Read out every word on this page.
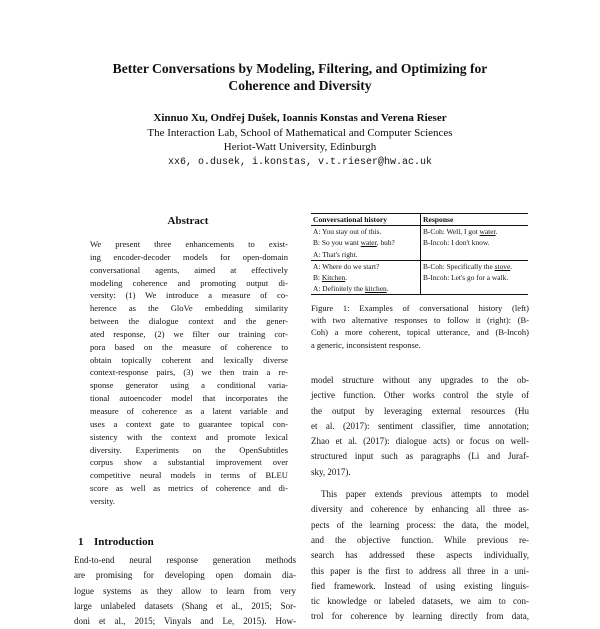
Better Conversations by Modeling, Filtering, and Optimizing for
Coherence and Diversity
Xinnuo Xu, Ondřej Dušek, Ioannis Konstas and Verena Rieser
The Interaction Lab, School of Mathematical and Computer Sciences
Heriot-Watt University, Edinburgh
xx6, o.dusek, i.konstas, v.t.rieser@hw.ac.uk
Abstract
We present three enhancements to exist-
ing encoder-decoder models for open-domain
conversational agents, aimed at effectively
modeling coherence and promoting output di-
versity: (1) We introduce a measure of co-
herence as the GloVe embedding similarity
between the dialogue context and the gener-
ated response, (2) we filter our training cor-
pora based on the measure of coherence to
obtain topically coherent and lexically diverse
context-response pairs, (3) we then train a re-
sponse generator using a conditional varia-
tional autoencoder model that incorporates the
measure of coherence as a latent variable and
uses a context gate to guarantee topical con-
sistency with the context and promote lexical
diversity. Experiments on the OpenSubtitles
corpus show a substantial improvement over
competitive neural models in terms of BLEU
score as well as metrics of coherence and di-
versity.
1 Introduction
End-to-end neural response generation methods
are promising for developing open domain dia-
logue systems as they allow to learn from very
large unlabeled datasets (Shang et al., 2015; Sor-
doni et al., 2015; Vinyals and Le, 2015). How-
Conversational history	Response
A: You stay out of this.	B-Coh: Well, I got water.
B: So you want water, huh?	B-Incoh: I don't know.
A: That's right.	
A: Where do we start?	B-Coh: Specifically the stove.
B: Kitchen.	B-Incoh: Let's go for a walk.
A: Definitely the kitchen.	
Figure 1: Examples of conversational history (left)
with two alternative responses to follow it (right): (B-
Coh) a more coherent, topical utterance, and (B-Incoh)
a generic, inconsistent response.
model structure without any upgrades to the ob-
jective function. Other works control the style of
the output by leveraging external resources (Hu
et al. (2017): sentiment classifier, time annotation;
Zhao et al. (2017): dialogue acts) or focus on well-
structured input such as paragraphs (Li and Juraf-
sky, 2017).
This paper extends previous attempts to model
diversity and coherence by enhancing all three as-
pects of the learning process: the data, the model,
and the objective function. While previous re-
search has addressed these aspects individually,
this paper is the first to address all three in a uni-
fied framework. Instead of using existing linguis-
tic knowledge or labeled datasets, we aim to con-
trol for coherence by learning directly from data,
